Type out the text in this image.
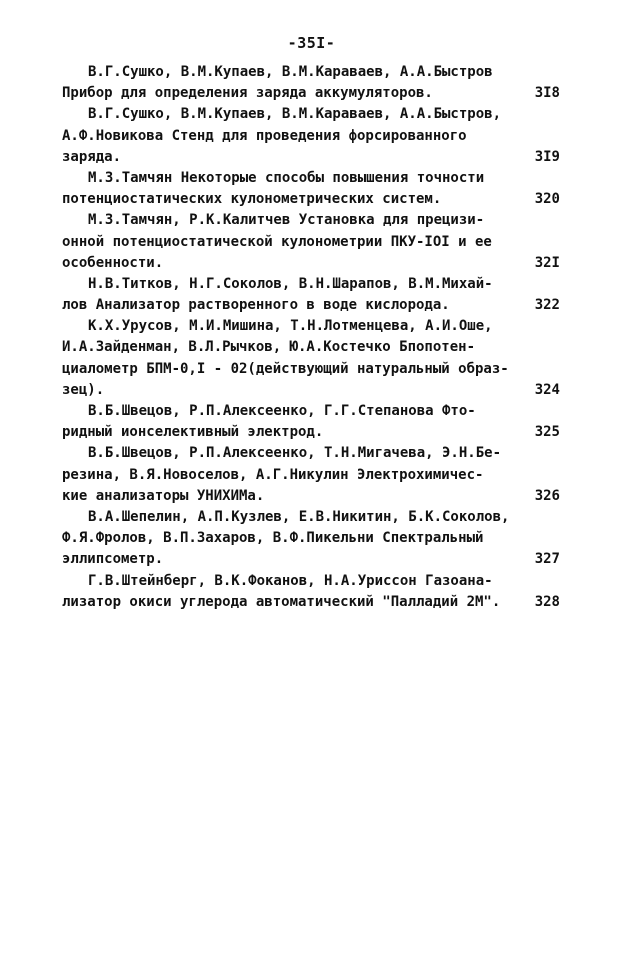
-35I-
В.Г.Сушко, В.М.Купаев, В.М.Караваев, А.А.Быстров
Прибор для определения заряда аккумуляторов.	3I8
В.Г.Сушко, В.М.Купаев, В.М.Караваев, А.А.Быстров,
А.Ф.Новикова Стенд для проведения форсированного
заряда.	3I9
М.З.Тамчян Некоторые способы повышения точности
потенциостатических кулонометрических систем.	320
М.З.Тамчян, Р.К.Калитчев Установка для прецизи-
онной потенциостатической кулонометрии ПКУ-IOI и ее
особенности.	32I
Н.В.Титков, Н.Г.Соколов, В.Н.Шарапов, В.М.Михай-
лов Анализатор растворенного в воде кислорода.	322
К.Х.Урусов, М.И.Мишина, Т.Н.Лотменцева, А.И.Оше,
И.А.Зайденман, В.Л.Рычков, Ю.А.Костечко Бпопотен-
циалометр БПМ-0,I - 02(действующий натуральный образ-
зец).	324
В.Б.Швецов, Р.П.Алексеенко, Г.Г.Степанова Фто-
ридный ионселективный электрод.	325
В.Б.Швецов, Р.П.Алексеенко, Т.Н.Мигачева, Э.Н.Бе-
резина, В.Я.Новоселов, А.Г.Никулин Электрохимичес-
кие анализаторы УНИХИМа.	326
В.А.Шепелин, А.П.Кузлев, Е.В.Никитин, Б.К.Соколов,
Ф.Я.Фролов, В.П.Захаров, В.Ф.Пикельни Спектральный
эллипсометр.	327
Г.В.Штейнберг, В.К.Фоканов, Н.А.Уриссон Газоана-
лизатор окиси углерода автоматический "Палладий 2М".	328
